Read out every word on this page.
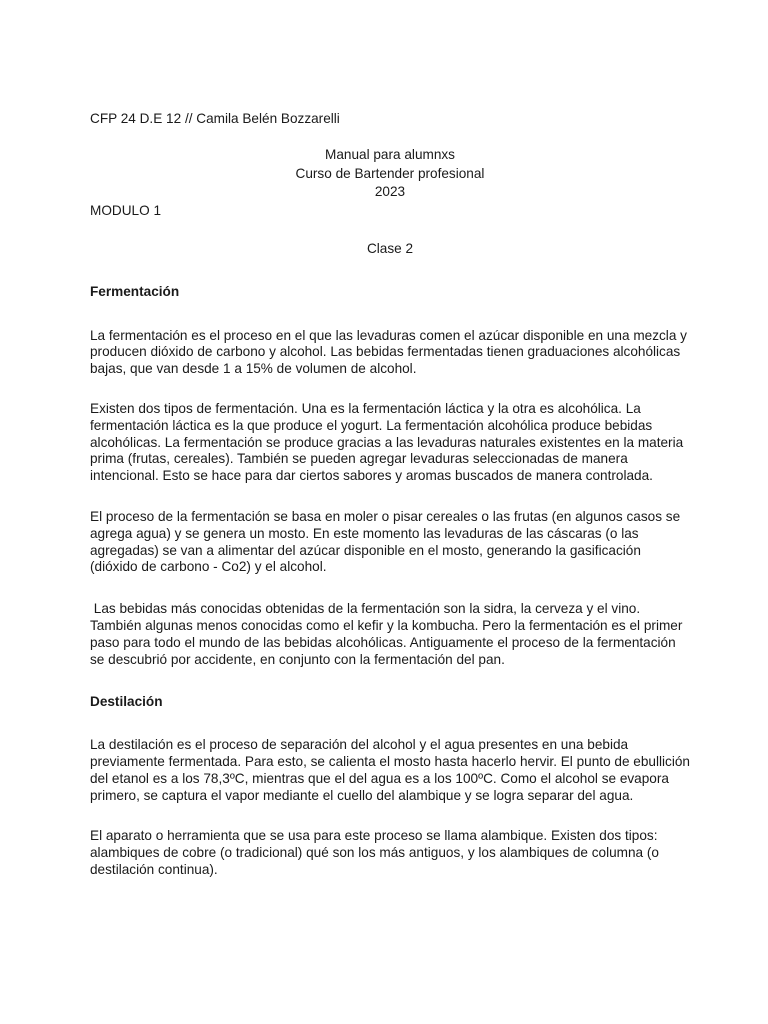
CFP 24 D.E 12 // Camila Belén Bozzarelli

Manual para alumnxs

Curso de Bartender profesional

2023

MODULO 1

Clase 2

Fermentación

La fermentación es el proceso en el que las levaduras comen el azúcar disponible en una mezcla y producen dióxido de carbono y alcohol. Las bebidas fermentadas tienen graduaciones alcohólicas bajas, que van desde 1 a 15% de volumen de alcohol.

Existen dos tipos de fermentación. Una es la fermentación láctica y la otra es alcohólica. La fermentación láctica es la que produce el yogurt. La fermentación alcohólica produce bebidas alcohólicas. La fermentación se produce gracias a las levaduras naturales existentes en la materia prima (frutas, cereales). También se pueden agregar levaduras seleccionadas de manera intencional. Esto se hace para dar ciertos sabores y aromas buscados de manera controlada.

El proceso de la fermentación se basa en moler o pisar cereales o las frutas (en algunos casos se agrega agua) y se genera un mosto. En este momento las levaduras de las cáscaras (o las agregadas) se van a alimentar del azúcar disponible en el mosto, generando la gasificación (dióxido de carbono - Co2) y el alcohol.

Las bebidas más conocidas obtenidas de la fermentación son la sidra, la cerveza y el vino. También algunas menos conocidas como el kefir y la kombucha. Pero la fermentación es el primer paso para todo el mundo de las bebidas alcohólicas. Antiguamente el proceso de la fermentación se descubrió por accidente, en conjunto con la fermentación del pan.

Destilación

La destilación es el proceso de separación del alcohol y el agua presentes en una bebida previamente fermentada. Para esto, se calienta el mosto hasta hacerlo hervir. El punto de ebullición del etanol es a los 78,3ºC, mientras que el del agua es a los 100ºC. Como el alcohol se evapora primero, se captura el vapor mediante el cuello del alambique y se logra separar del agua.

El aparato o herramienta que se usa para este proceso se llama alambique. Existen dos tipos: alambiques de cobre (o tradicional) qué son los más antiguos, y los alambiques de columna (o destilación continua).
